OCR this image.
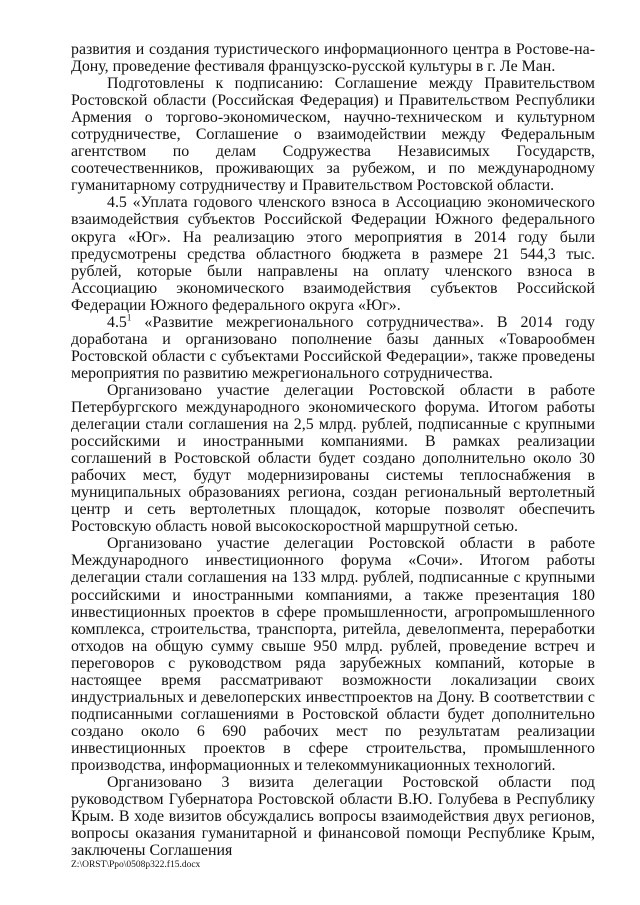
развития и создания туристического информационного центра в Ростове-на-Дону, проведение фестиваля французско-русской культуры в г. Ле Ман.

Подготовлены к подписанию: Соглашение между Правительством Ростовской области (Российская Федерация) и Правительством Республики Армения о торгово-экономическом, научно-техническом и культурном сотрудничестве, Соглашение о взаимодействии между Федеральным агентством по делам Содружества Независимых Государств, соотечественников, проживающих за рубежом, и по международному гуманитарному сотрудничеству и Правительством Ростовской области.

4.5 «Уплата годового членского взноса в Ассоциацию экономического взаимодействия субъектов Российской Федерации Южного федерального округа «Юг». На реализацию этого мероприятия в 2014 году были предусмотрены средства областного бюджета в размере 21 544,3 тыс. рублей, которые были направлены на оплату членского взноса в Ассоциацию экономического взаимодействия субъектов Российской Федерации Южного федерального округа «Юг».

$4.5^1$ «Развитие межрегионального сотрудничества». В 2014 году доработана и организовано пополнение базы данных «Товарообмен Ростовской области с субъектами Российской Федерации», также проведены мероприятия по развитию межрегионального сотрудничества.

Организовано участие делегации Ростовской области в работе Петербургского международного экономического форума. Итогом работы делегации стали соглашения на 2,5 млрд. рублей, подписанные с крупными российскими и иностранными компаниями. В рамках реализации соглашений в Ростовской области будет создано дополнительно около 30 рабочих мест, будут модернизированы системы теплоснабжения в муниципальных образованиях региона, создан региональный вертолетный центр и сеть вертолетных площадок, которые позволят обеспечить Ростовскую область новой высокоскоростной маршрутной сетью.

Организовано участие делегации Ростовской области в работе Международного инвестиционного форума «Сочи». Итогом работы делегации стали соглашения на 133 млрд. рублей, подписанные с крупными российскими и иностранными компаниями, а также презентация 180 инвестиционных проектов в сфере промышленности, агропромышленного комплекса, строительства, транспорта, ритейла, девелопмента, переработки отходов на общую сумму свыше 950 млрд. рублей, проведение встреч и переговоров с руководством ряда зарубежных компаний, которые в настоящее время рассматривают возможности локализации своих индустриальных и девелоперских инвестпроектов на Дону. В соответствии с подписанными соглашениями в Ростовской области будет дополнительно создано около 6 690 рабочих мест по результатам реализации инвестиционных проектов в сфере строительства, промышленного производства, информационных и телекоммуникационных технологий.

Организовано 3 визита делегации Ростовской области под руководством Губернатора Ростовской области В.Ю. Голубева в Республику Крым. В ходе визитов обсуждались вопросы взаимодействия двух регионов, вопросы оказания гуманитарной и финансовой помощи Республике Крым, заключены Соглашения

Z:\ORST\Ppo\0508p322.f15.docx
